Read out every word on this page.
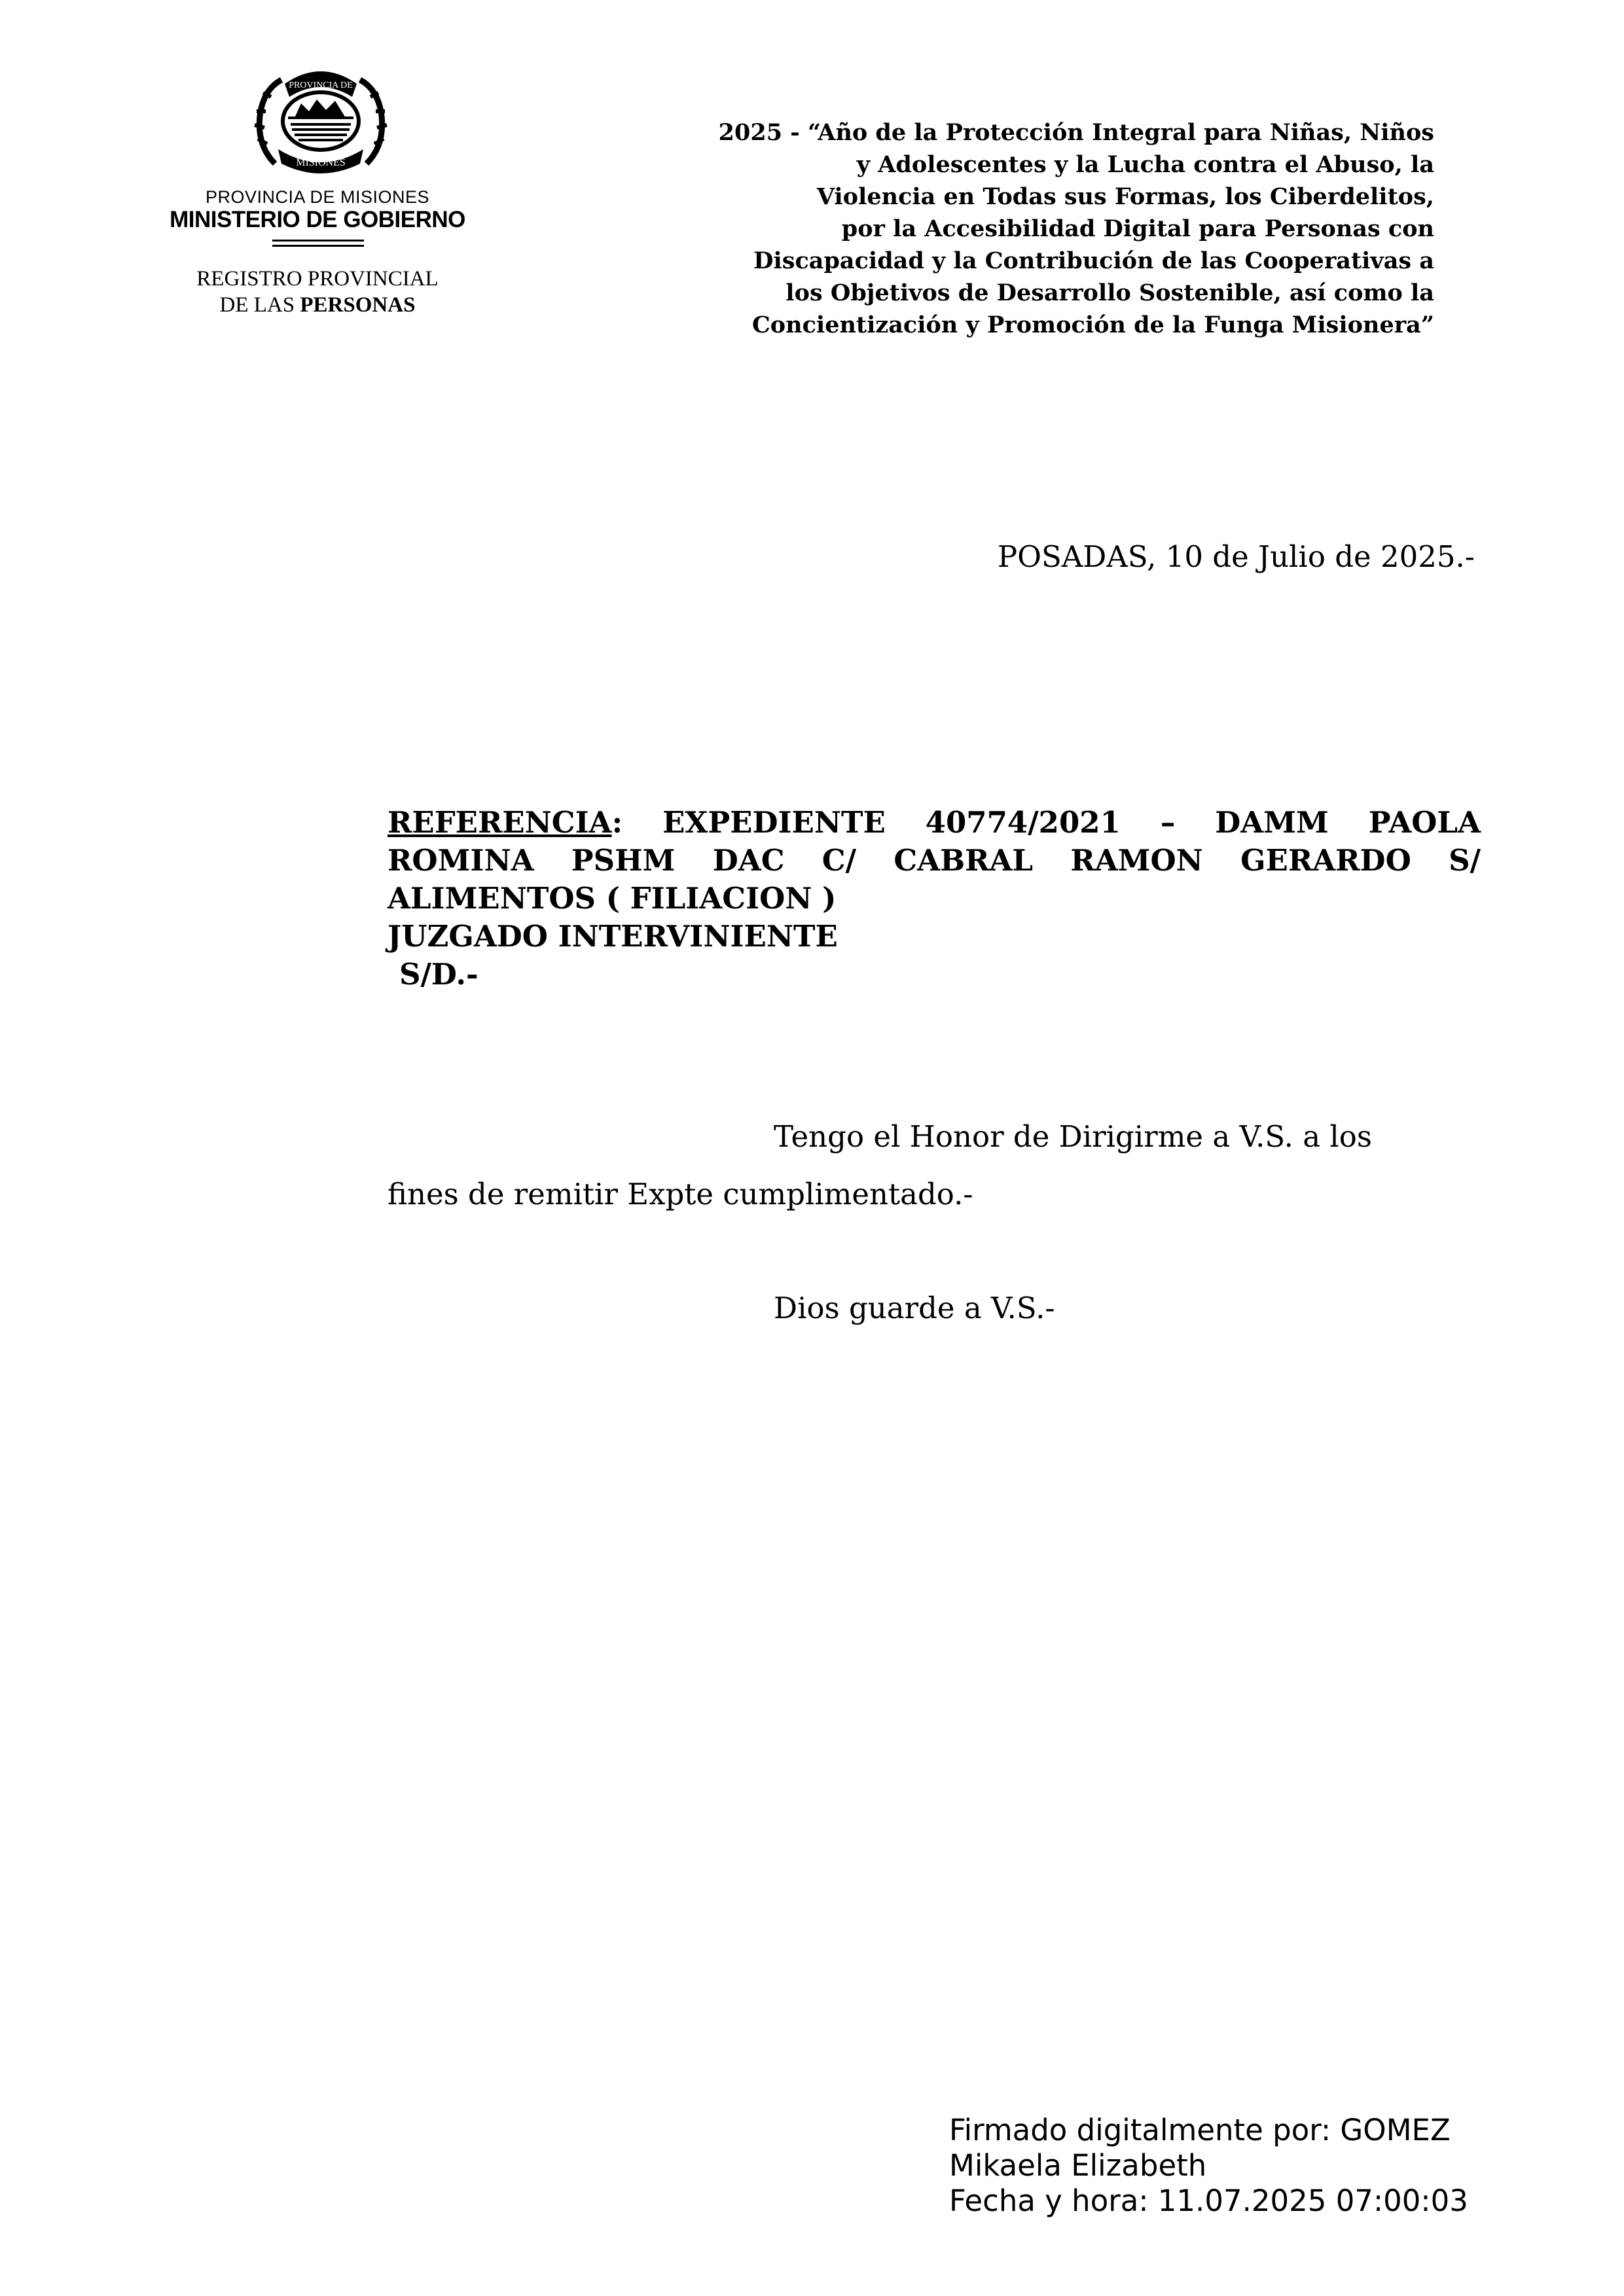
PROVINCIA DE
MISIONES
PROVINCIA DE MISIONES
MINISTERIO DE GOBIERNO
REGISTRO PROVINCIAL
DE LAS PERSONAS
2025 - “Año de la Protección Integral para Niñas, Niños
y Adolescentes y la Lucha contra el Abuso, la
Violencia en Todas sus Formas, los Ciberdelitos,
por la Accesibilidad Digital para Personas con
Discapacidad y la Contribución de las Cooperativas a
los Objetivos de Desarrollo Sostenible, así como la
Concientización y Promoción de la Funga Misionera”
POSADAS, 10 de Julio de 2025.-
REFERENCIA: EXPEDIENTE 40774/2021 – DAMM PAOLA
ROMINA PSHM DAC C/ CABRAL RAMON GERARDO S/
ALIMENTOS ( FILIACION )
JUZGADO INTERVINIENTE
S/D.-
Tengo el Honor de Dirigirme a V.S. a los
fines de remitir Expte cumplimentado.-
Dios guarde a V.S.-
Firmado digitalmente por: GOMEZ
Mikaela Elizabeth
Fecha y hora: 11.07.2025 07:00:03
